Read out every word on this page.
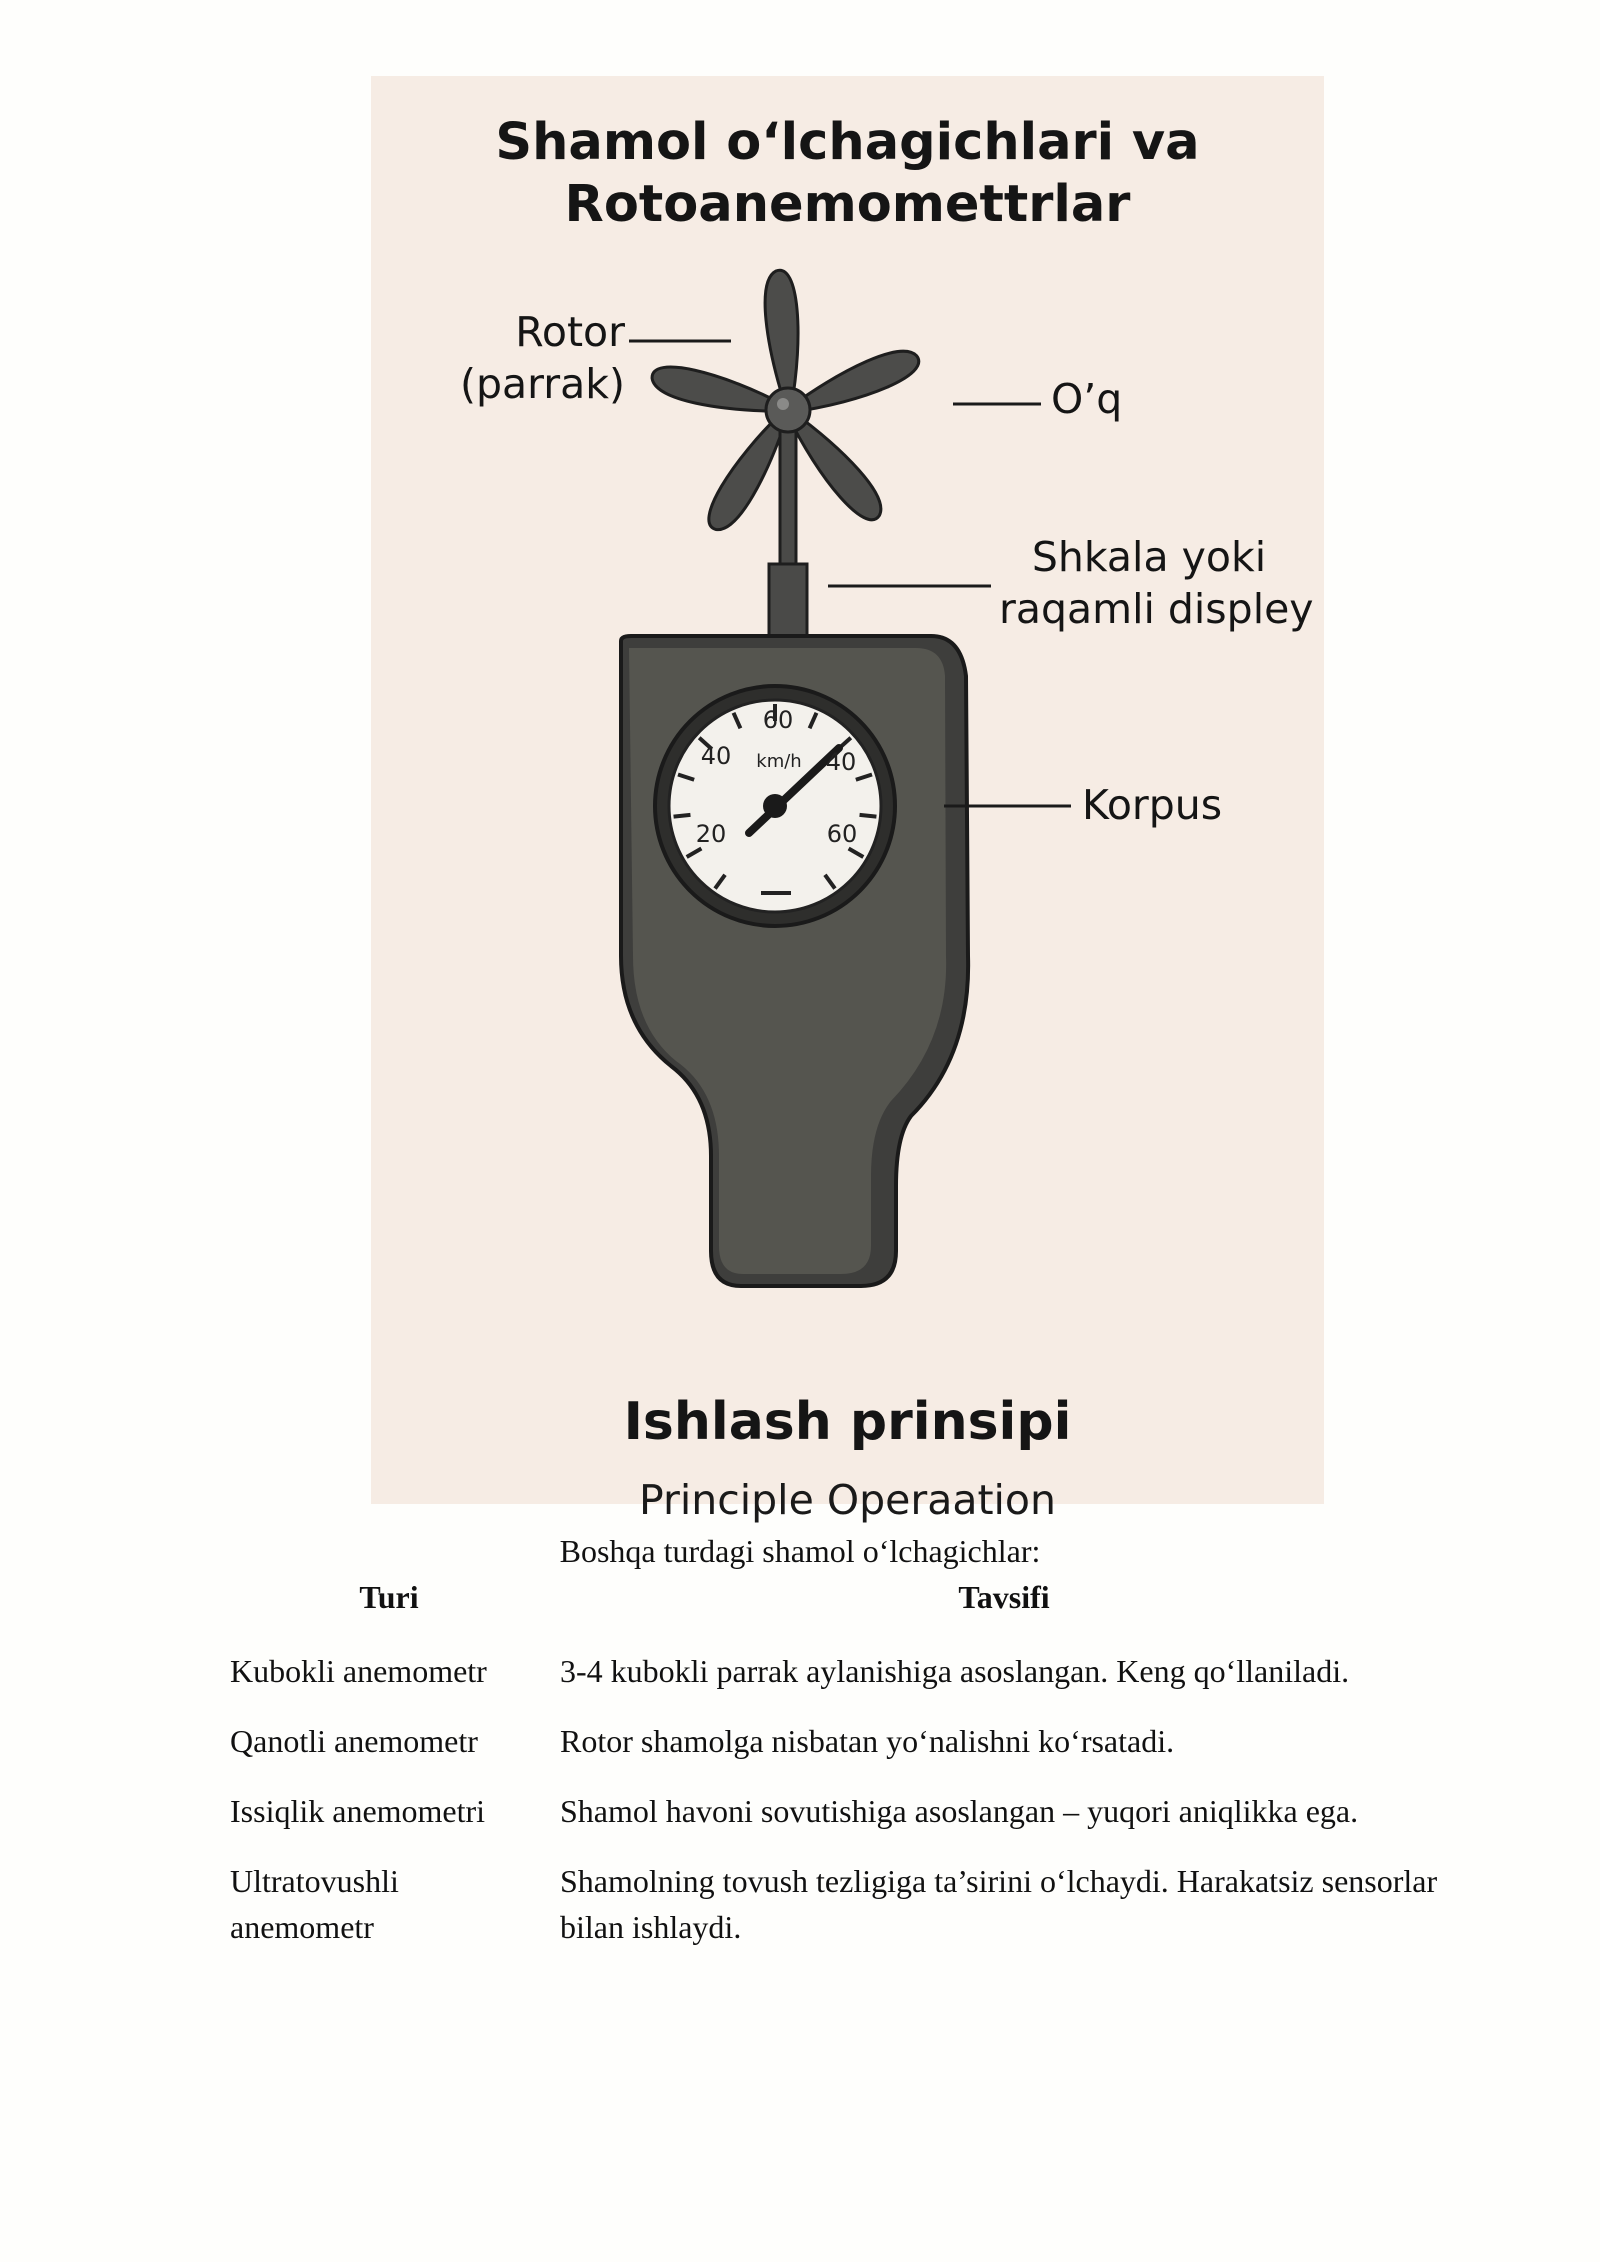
Shamol o‘lchagichlari va
Rotoanemomettrlar
Rotor
(parrak)	O’q
Shkala yoki
raqamli displey
Korpus
60
40	40
20	60
km/h
Ishlash prinsipi
Principle Operaation
Boshqa turdagi shamol o‘lchagichlar:
Turi	Tavsifi
Kubokli anemometr	3-4 kubokli parrak aylanishiga asoslangan. Keng qo‘llaniladi.
Qanotli anemometr	Rotor shamolga nisbatan yo‘nalishni ko‘rsatadi.
Issiqlik anemometri	Shamol havoni sovutishiga asoslangan – yuqori aniqlikka ega.
Ultratovushli anemometr	Shamolning tovush tezligiga ta’sirini o‘lchaydi. Harakatsiz sensorlar bilan ishlaydi.
